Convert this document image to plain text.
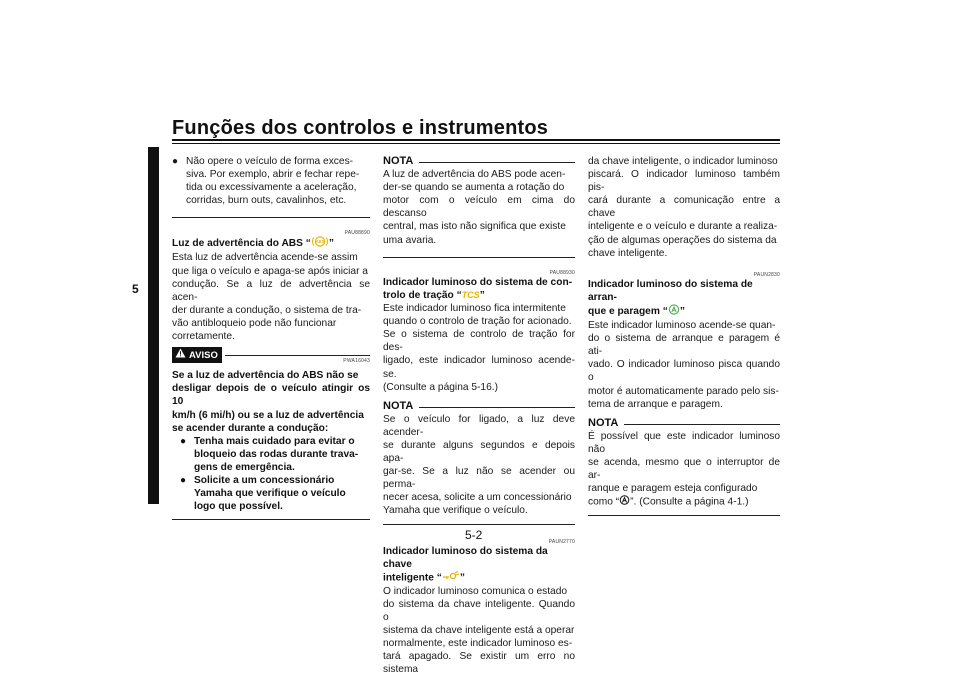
Funções dos controlos e instrumentos
5
5-2
● Não opere o veículo de forma exces-
siva. Por exemplo, abrir e fechar repe-
tida ou excessivamente a aceleração,
corridas, burn outs, cavalinhos, etc.
PAU88890
Luz de advertência do ABS “ ABS ”
Esta luz de advertência acende-se assim
que liga o veículo e apaga-se após iniciar a
condução. Se a luz de advertência se acen-
der durante a condução, o sistema de tra-
vão antibloqueio pode não funcionar
corretamente.
AVISO
PWA16043
Se a luz de advertência do ABS não se
desligar depois de o veículo atingir os 10
km/h (6 mi/h) ou se a luz de advertência
se acender durante a condução:
● Tenha mais cuidado para evitar o
bloqueio das rodas durante trava-
gens de emergência.
● Solicite a um concessionário
Yamaha que verifique o veículo
logo que possível.
NOTA
A luz de advertência do ABS pode acen-
der-se quando se aumenta a rotação do
motor com o veículo em cima do descanso
central, mas isto não significa que existe
uma avaria.
PAU88930
Indicador luminoso do sistema de con-
trolo de tração “TCS”
Este indicador luminoso fica intermitente
quando o controlo de tração for acionado.
Se o sistema de controlo de tração for des-
ligado, este indicador luminoso acende-se.
(Consulte a página 5-16.)
NOTA
Se o veículo for ligado, a luz deve acender-
se durante alguns segundos e depois apa-
gar-se. Se a luz não se acender ou perma-
necer acesa, solicite a um concessionário
Yamaha que verifique o veículo.
PAUN2770
Indicador luminoso do sistema da chave
inteligente “ ”
O indicador luminoso comunica o estado
do sistema da chave inteligente. Quando o
sistema da chave inteligente está a operar
normalmente, este indicador luminoso es-
tará apagado. Se existir um erro no sistema
da chave inteligente, o indicador luminoso
piscará. O indicador luminoso também pis-
cará durante a comunicação entre a chave
inteligente e o veículo e durante a realiza-
ção de algumas operações do sistema da
chave inteligente.
PAUN2830
Indicador luminoso do sistema de arran-
que e paragem “ ”
Este indicador luminoso acende-se quan-
do o sistema de arranque e paragem é ati-
vado. O indicador luminoso pisca quando o
motor é automaticamente parado pelo sis-
tema de arranque e paragem.
NOTA
É possível que este indicador luminoso não
se acenda, mesmo que o interruptor de ar-
ranque e paragem esteja configurado
como “ ”. (Consulte a página 4-1.)
